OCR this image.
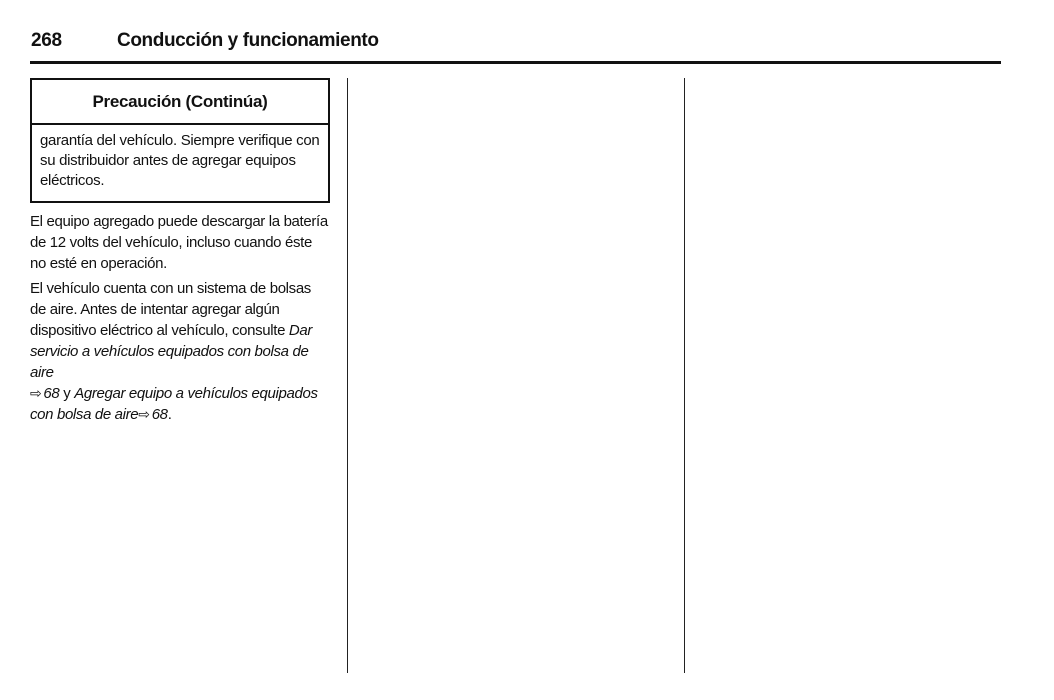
268	Conducción y funcionamiento
Precaución (Continúa)
garantía del vehículo. Siempre verifique con su distribuidor antes de agregar equipos eléctricos.

El equipo agregado puede descargar la batería de 12 volts del vehículo, incluso cuando éste no esté en operación.

El vehículo cuenta con un sistema de bolsas de aire. Antes de intentar agregar algún dispositivo eléctrico al vehículo, consulte Dar servicio a vehículos equipados con bolsa de aire
⇨ 68 y Agregar equipo a vehículos equipados con bolsa de aire⇨ 68.
